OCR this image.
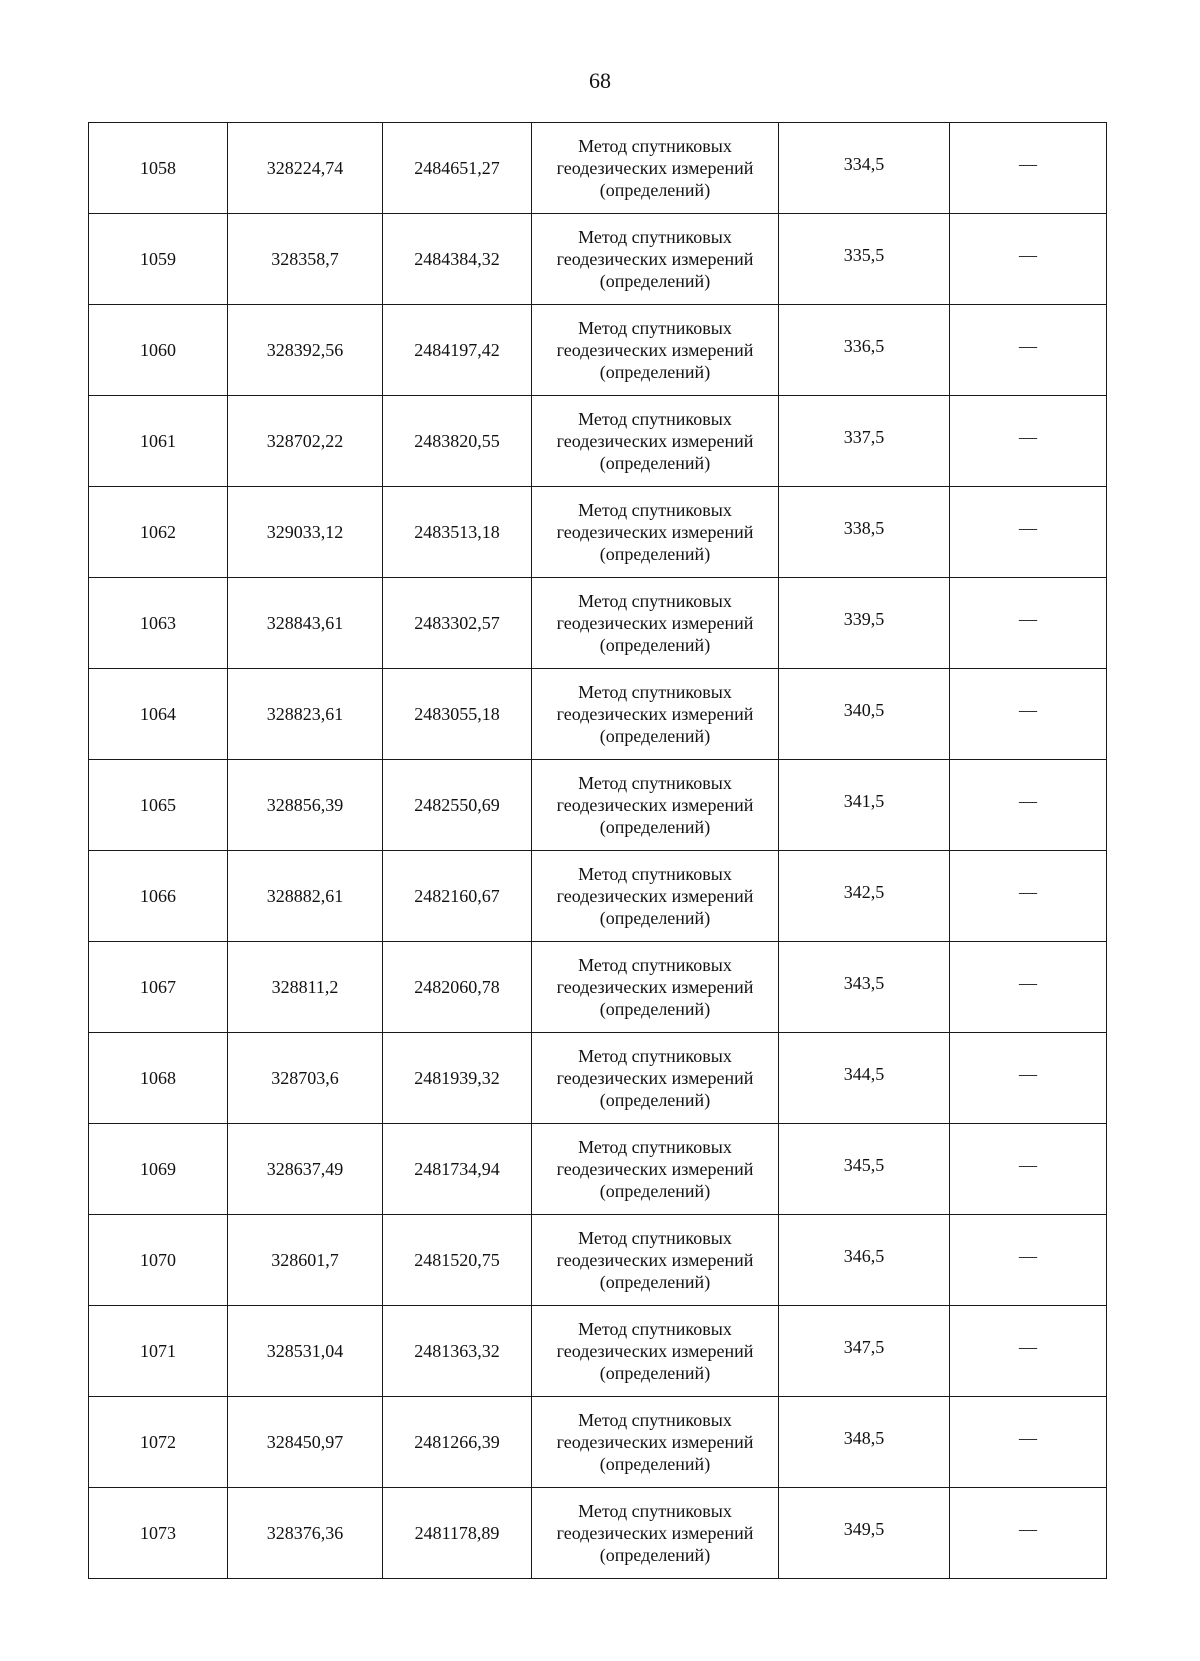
68
1058	328224,74	2484651,27	Метод спутниковых геодезических измерений (определений)	334,5	—
1059	328358,7	2484384,32	Метод спутниковых геодезических измерений (определений)	335,5	—
1060	328392,56	2484197,42	Метод спутниковых геодезических измерений (определений)	336,5	—
1061	328702,22	2483820,55	Метод спутниковых геодезических измерений (определений)	337,5	—
1062	329033,12	2483513,18	Метод спутниковых геодезических измерений (определений)	338,5	—
1063	328843,61	2483302,57	Метод спутниковых геодезических измерений (определений)	339,5	—
1064	328823,61	2483055,18	Метод спутниковых геодезических измерений (определений)	340,5	—
1065	328856,39	2482550,69	Метод спутниковых геодезических измерений (определений)	341,5	—
1066	328882,61	2482160,67	Метод спутниковых геодезических измерений (определений)	342,5	—
1067	328811,2	2482060,78	Метод спутниковых геодезических измерений (определений)	343,5	—
1068	328703,6	2481939,32	Метод спутниковых геодезических измерений (определений)	344,5	—
1069	328637,49	2481734,94	Метод спутниковых геодезических измерений (определений)	345,5	—
1070	328601,7	2481520,75	Метод спутниковых геодезических измерений (определений)	346,5	—
1071	328531,04	2481363,32	Метод спутниковых геодезических измерений (определений)	347,5	—
1072	328450,97	2481266,39	Метод спутниковых геодезических измерений (определений)	348,5	—
1073	328376,36	2481178,89	Метод спутниковых геодезических измерений (определений)	349,5	—
